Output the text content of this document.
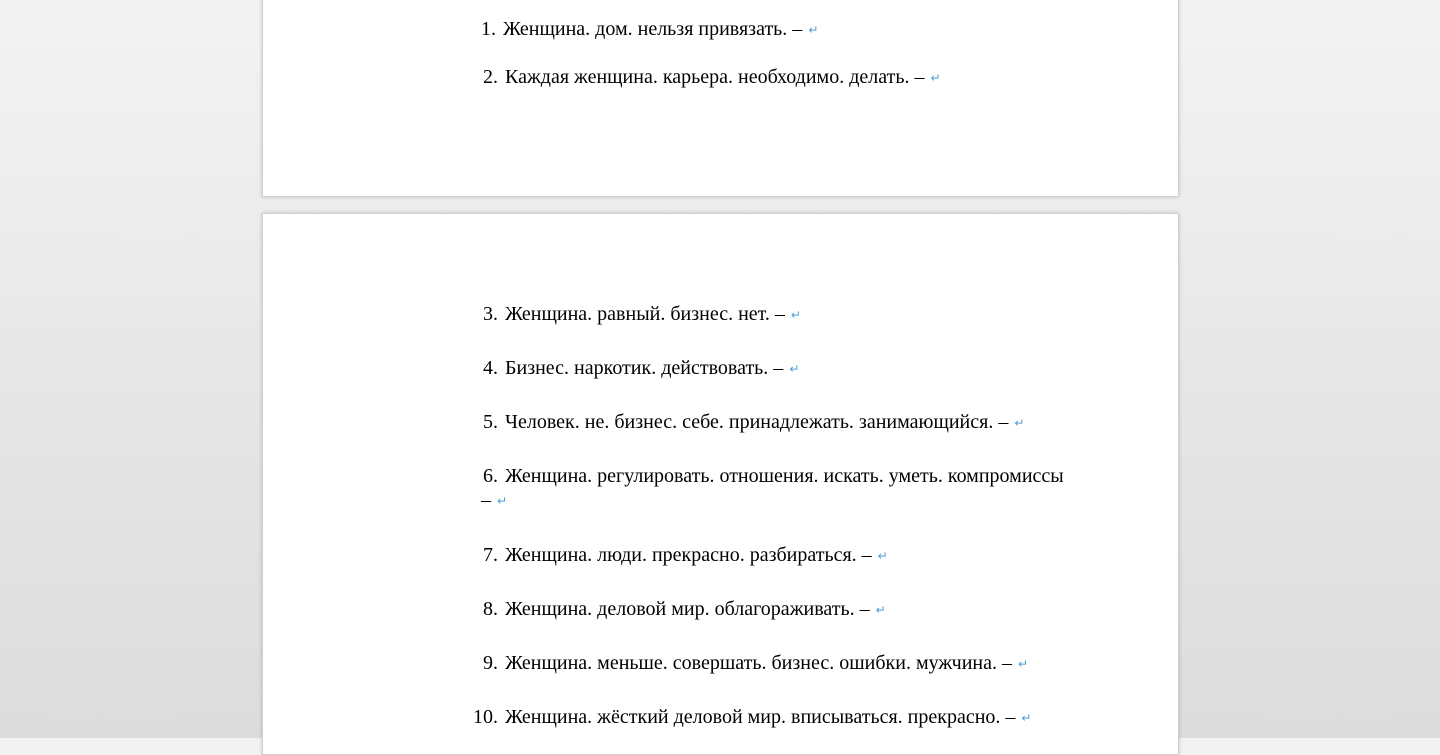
1. Женщина. дом. нельзя привязать. – ↵
2. Каждая женщина. карьера. необходимо. делать. – ↵
3. Женщина. равный. бизнес. нет. – ↵
4. Бизнес. наркотик. действовать. – ↵
5. Человек. не. бизнес. себе. принадлежать. занимающийся. – ↵
6. Женщина. регулировать. отношения. искать. уметь. компромиссы
– ↵
7. Женщина. люди. прекрасно. разбираться. – ↵
8. Женщина. деловой мир. облагораживать. – ↵
9. Женщина. меньше. совершать. бизнес. ошибки. мужчина. – ↵
10. Женщина. жёсткий деловой мир. вписываться. прекрасно. – ↵
